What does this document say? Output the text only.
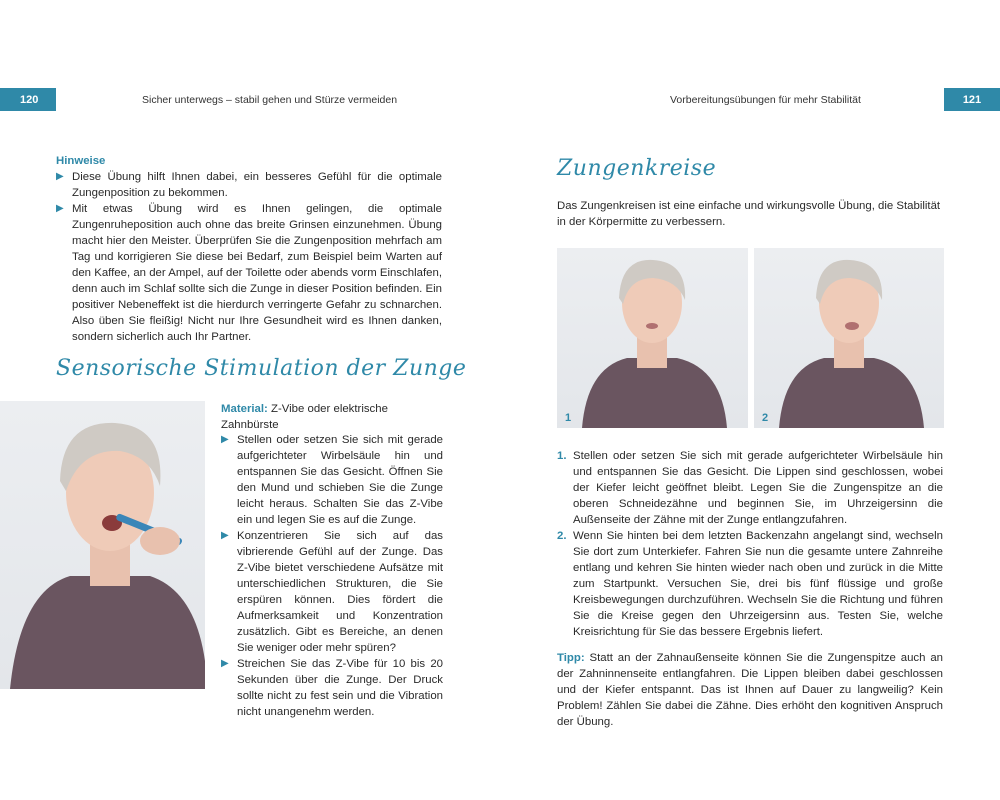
120	Sicher unterwegs – stabil gehen und Stürze vermeiden	Vorbereitungsübungen für mehr Stabilität	121
Hinweise
▶ Diese Übung hilft Ihnen dabei, ein besseres Gefühl für die optimale Zungenposition zu bekommen.
▶ Mit etwas Übung wird es Ihnen gelingen, die optimale Zungenruheposition auch ohne das breite Grinsen einzunehmen. Übung macht hier den Meister. Überprüfen Sie die Zungenposition mehrfach am Tag und korrigieren Sie diese bei Bedarf, zum Beispiel beim Warten auf den Kaffee, an der Ampel, auf der Toilette oder abends vorm Einschlafen, denn auch im Schlaf sollte sich die Zunge in dieser Position befinden. Ein positiver Nebeneffekt ist die hierdurch verringerte Gefahr zu schnarchen. Also üben Sie fleißig! Nicht nur Ihre Gesundheit wird es Ihnen danken, sondern sicherlich auch Ihr Partner.
Sensorische Stimulation der Zunge
Material: Z-Vibe oder elektrische Zahnbürste
▶ Stellen oder setzen Sie sich mit gerade aufgerichteter Wirbelsäule hin und entspannen Sie das Gesicht. Öffnen Sie den Mund und schieben Sie die Zunge leicht heraus. Schalten Sie das Z-Vibe ein und legen Sie es auf die Zunge.
▶ Konzentrieren Sie sich auf das vibrierende Gefühl auf der Zunge. Das Z-Vibe bietet verschiedene Aufsätze mit unterschiedlichen Strukturen, die Sie erspüren können. Dies fördert die Aufmerksamkeit und Konzentration zusätzlich. Gibt es Bereiche, an denen Sie weniger oder mehr spüren?
▶ Streichen Sie das Z-Vibe für 10 bis 20 Sekunden über die Zunge. Der Druck sollte nicht zu fest sein und die Vibration nicht unangenehm werden.
Zungenkreise
Das Zungenkreisen ist eine einfache und wirkungsvolle Übung, die Stabilität in der Körpermitte zu verbessern.
1	2
1. Stellen oder setzen Sie sich mit gerade aufgerichteter Wirbelsäule hin und entspannen Sie das Gesicht. Die Lippen sind geschlossen, wobei der Kiefer leicht geöffnet bleibt. Legen Sie die Zungenspitze an die oberen Schneidezähne und beginnen Sie, im Uhrzeigersinn die Außenseite der Zähne mit der Zunge entlangzufahren.
2. Wenn Sie hinten bei dem letzten Backenzahn angelangt sind, wechseln Sie dort zum Unterkiefer. Fahren Sie nun die gesamte untere Zahnreihe entlang und kehren Sie hinten wieder nach oben und zurück in die Mitte zum Startpunkt. Versuchen Sie, drei bis fünf flüssige und große Kreisbewegungen durchzuführen. Wechseln Sie die Richtung und führen Sie die Kreise gegen den Uhrzeigersinn aus. Testen Sie, welche Kreisrichtung für Sie das bessere Ergebnis liefert.
Tipp: Statt an der Zahnaußenseite können Sie die Zungenspitze auch an der Zahninnenseite entlangfahren. Die Lippen bleiben dabei geschlossen und der Kiefer entspannt. Das ist Ihnen auf Dauer zu langweilig? Kein Problem! Zählen Sie dabei die Zähne. Dies erhöht den kognitiven Anspruch der Übung.
